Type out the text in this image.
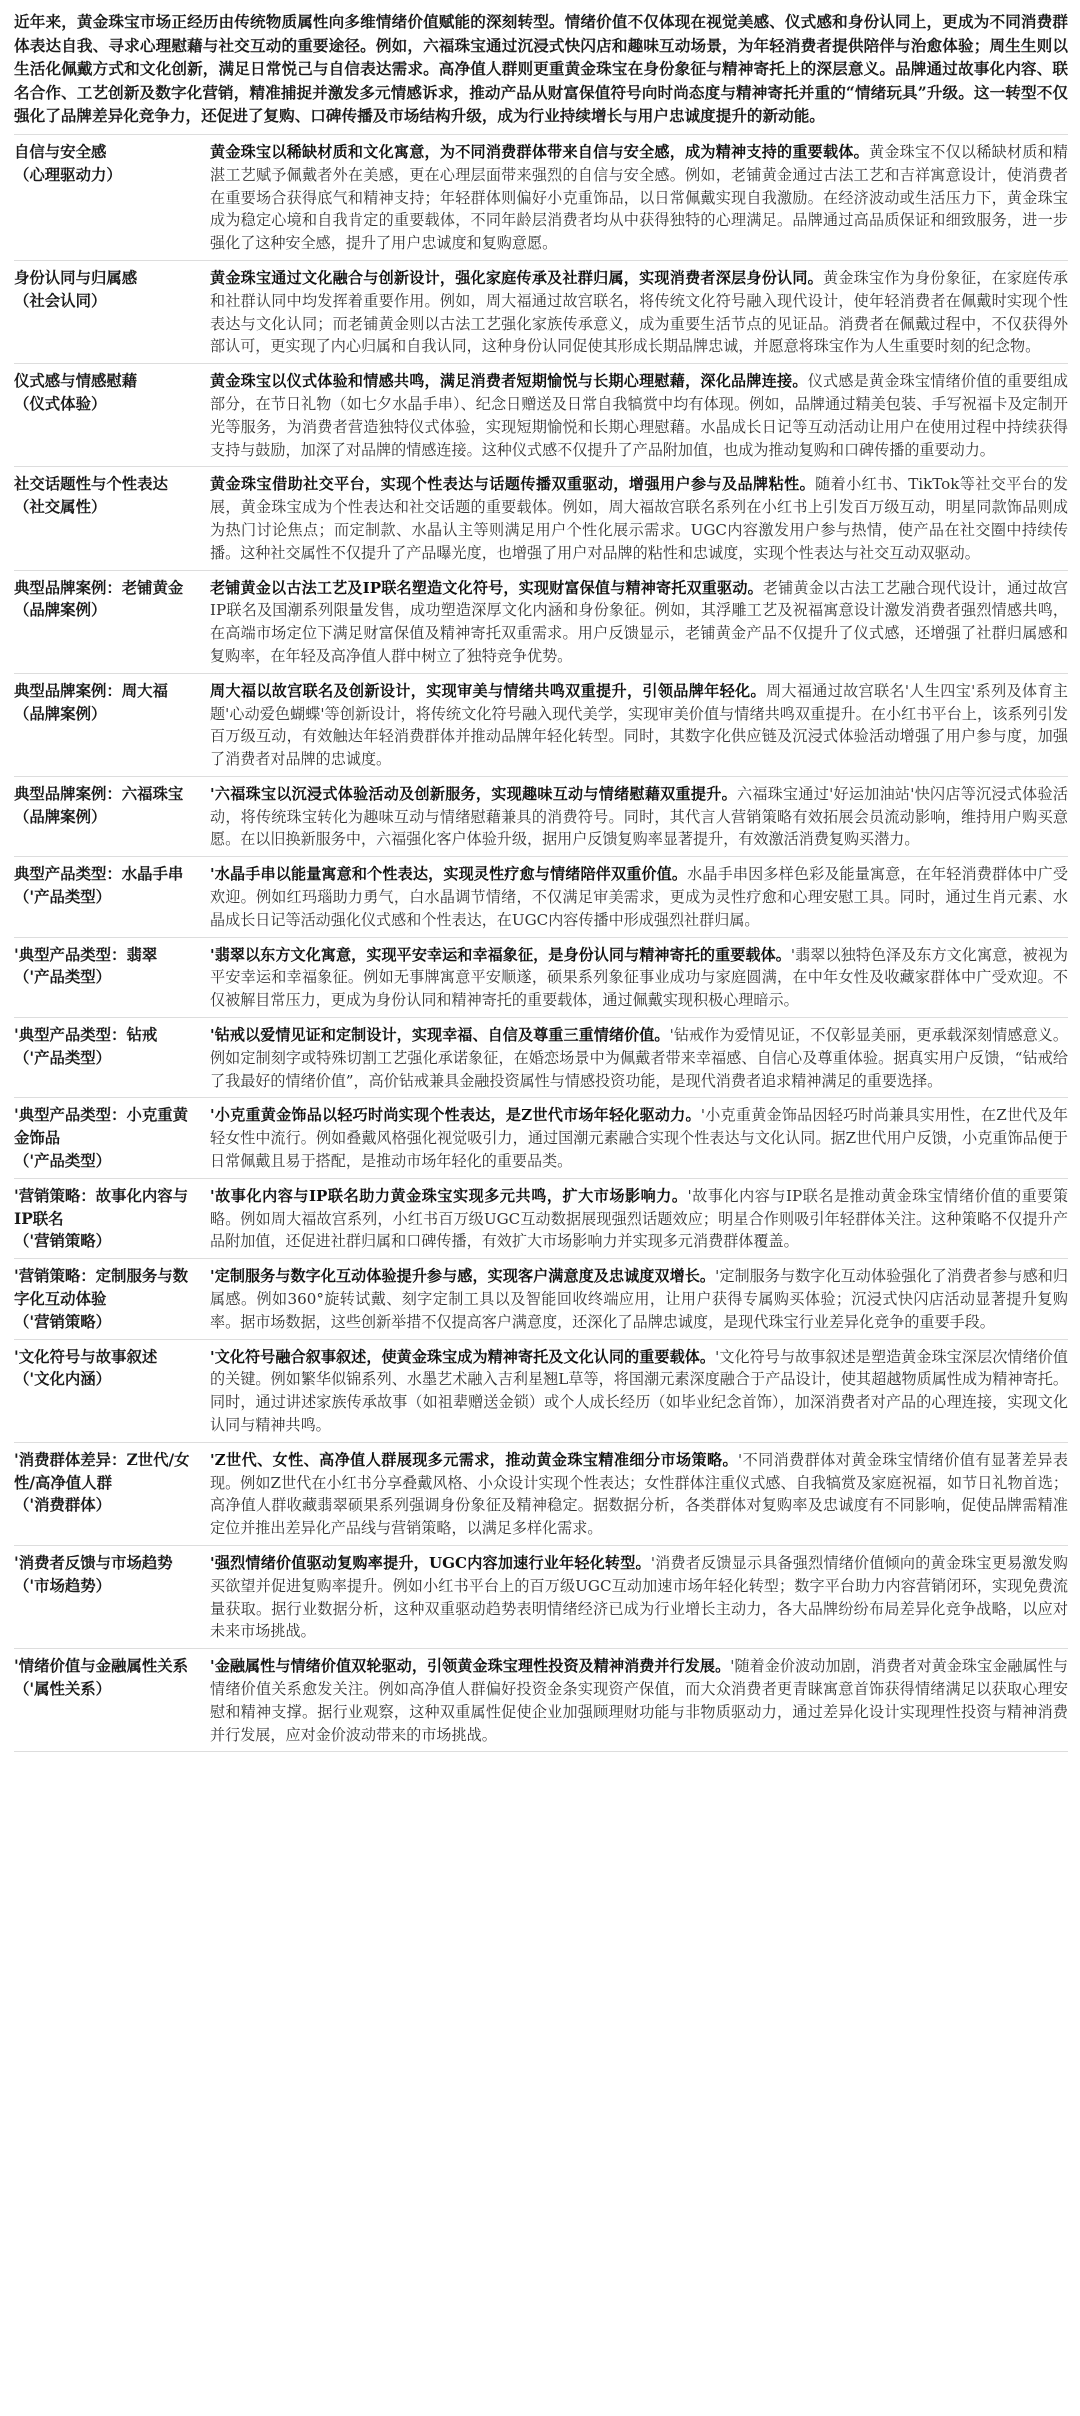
近年来，黄金珠宝市场正经历由传统物质属性向多维情绪价值赋能的深刻转型。情绪价值不仅体现在视觉美感、仪式感和身份认同上，更成为不同消费群体表达自我、寻求心理慰藉与社交互动的重要途径。例如，六福珠宝通过沉浸式快闪店和趣味互动场景，为年轻消费者提供陪伴与治愈体验；周生生则以生活化佩戴方式和文化创新，满足日常悦己与自信表达需求。高净值人群则更重黄金珠宝在身份象征与精神寄托上的深层意义。品牌通过故事化内容、联名合作、工艺创新及数字化营销，精准捕捉并激发多元情感诉求，推动产品从财富保值符号向时尚态度与精神寄托并重的“情绪玩具”升级。这一转型不仅强化了品牌差异化竞争力，还促进了复购、口碑传播及市场结构升级，成为行业持续增长与用户忠诚度提升的新动能。

自信与安全感
（心理驱动力）
黄金珠宝以稀缺材质和文化寓意，为不同消费群体带来自信与安全感，成为精神支持的重要载体。黄金珠宝不仅以稀缺材质和精湛工艺赋予佩戴者外在美感，更在心理层面带来强烈的自信与安全感。例如，老铺黄金通过古法工艺和吉祥寓意设计，使消费者在重要场合获得底气和精神支持；年轻群体则偏好小克重饰品，以日常佩戴实现自我激励。在经济波动或生活压力下，黄金珠宝成为稳定心境和自我肯定的重要载体，不同年龄层消费者均从中获得独特的心理满足。品牌通过高品质保证和细致服务，进一步强化了这种安全感，提升了用户忠诚度和复购意愿。
身份认同与归属感
（社会认同）
黄金珠宝通过文化融合与创新设计，强化家庭传承及社群归属，实现消费者深层身份认同。黄金珠宝作为身份象征，在家庭传承和社群认同中均发挥着重要作用。例如，周大福通过故宫联名，将传统文化符号融入现代设计，使年轻消费者在佩戴时实现个性表达与文化认同；而老铺黄金则以古法工艺强化家族传承意义，成为重要生活节点的见证品。消费者在佩戴过程中，不仅获得外部认可，更实现了内心归属和自我认同，这种身份认同促使其形成长期品牌忠诚，并愿意将珠宝作为人生重要时刻的纪念物。
仪式感与情感慰藉
（仪式体验）
黄金珠宝以仪式体验和情感共鸣，满足消费者短期愉悦与长期心理慰藉，深化品牌连接。仪式感是黄金珠宝情绪价值的重要组成部分，在节日礼物（如七夕水晶手串）、纪念日赠送及日常自我犒赏中均有体现。例如，品牌通过精美包装、手写祝福卡及定制开光等服务，为消费者营造独特仪式体验，实现短期愉悦和长期心理慰藉。水晶成长日记等互动活动让用户在使用过程中持续获得支持与鼓励，加深了对品牌的情感连接。这种仪式感不仅提升了产品附加值，也成为推动复购和口碑传播的重要动力。
社交话题性与个性表达
（社交属性）
黄金珠宝借助社交平台，实现个性表达与话题传播双重驱动，增强用户参与及品牌粘性。随着小红书、TikTok等社交平台的发展，黄金珠宝成为个性表达和社交话题的重要载体。例如，周大福故宫联名系列在小红书上引发百万级互动，明星同款饰品则成为热门讨论焦点；而定制款、水晶认主等则满足用户个性化展示需求。UGC内容激发用户参与热情，使产品在社交圈中持续传播。这种社交属性不仅提升了产品曝光度，也增强了用户对品牌的粘性和忠诚度，实现个性表达与社交互动双驱动。
典型品牌案例：老铺黄金
（品牌案例）
老铺黄金以古法工艺及IP联名塑造文化符号，实现财富保值与精神寄托双重驱动。老铺黄金以古法工艺融合现代设计，通过故宫IP联名及国潮系列限量发售，成功塑造深厚文化内涵和身份象征。例如，其浮雕工艺及祝福寓意设计激发消费者强烈情感共鸣，在高端市场定位下满足财富保值及精神寄托双重需求。用户反馈显示，老铺黄金产品不仅提升了仪式感，还增强了社群归属感和复购率，在年轻及高净值人群中树立了独特竞争优势。
典型品牌案例：周大福
（品牌案例）
周大福以故宫联名及创新设计，实现审美与情绪共鸣双重提升，引领品牌年轻化。周大福通过故宫联名'人生四宝'系列及体育主题'心动爱色蝴蝶'等创新设计，将传统文化符号融入现代美学，实现审美价值与情绪共鸣双重提升。在小红书平台上，该系列引发百万级互动，有效触达年轻消费群体并推动品牌年轻化转型。同时，其数字化供应链及沉浸式体验活动增强了用户参与度，加强了消费者对品牌的忠诚度。
典型品牌案例：六福珠宝
（品牌案例）
'六福珠宝以沉浸式体验活动及创新服务，实现趣味互动与情绪慰藉双重提升。六福珠宝通过'好运加油站'快闪店等沉浸式体验活动，将传统珠宝转化为趣味互动与情绪慰藉兼具的消费符号。同时，其代言人营销策略有效拓展会员流动影响，维持用户购买意愿。在以旧换新服务中，六福强化客户体验升级，据用户反馈复购率显著提升，有效激活消费复购买潜力。
典型产品类型：水晶手串
（'产品类型）
'水晶手串以能量寓意和个性表达，实现灵性疗愈与情绪陪伴双重价值。水晶手串因多样色彩及能量寓意，在年轻消费群体中广受欢迎。例如红玛瑙助力勇气，白水晶调节情绪，不仅满足审美需求，更成为灵性疗愈和心理安慰工具。同时，通过生肖元素、水晶成长日记等活动强化仪式感和个性表达，在UGC内容传播中形成强烈社群归属。
'典型产品类型：翡翠
（'产品类型）
'翡翠以东方文化寓意，实现平安幸运和幸福象征，是身份认同与精神寄托的重要载体。'翡翠以独特色泽及东方文化寓意，被视为平安幸运和幸福象征。例如无事牌寓意平安顺遂，硕果系列象征事业成功与家庭圆满，在中年女性及收藏家群体中广受欢迎。不仅被解目常压力，更成为身份认同和精神寄托的重要载体，通过佩戴实现积极心理暗示。
'典型产品类型：钻戒
（'产品类型）
'钻戒以爱情见证和定制设计，实现幸福、自信及尊重三重情绪价值。'钻戒作为爱情见证，不仅彰显美丽，更承载深刻情感意义。例如定制刻字或特殊切割工艺强化承诺象征，在婚恋场景中为佩戴者带来幸福感、自信心及尊重体验。据真实用户反馈，“钻戒给了我最好的情绪价值”，高价钻戒兼具金融投资属性与情感投资功能，是现代消费者追求精神满足的重要选择。
'典型产品类型：小克重黄金饰品
（'产品类型）
'小克重黄金饰品以轻巧时尚实现个性表达，是Z世代市场年轻化驱动力。'小克重黄金饰品因轻巧时尚兼具实用性，在Z世代及年轻女性中流行。例如叠戴风格强化视觉吸引力，通过国潮元素融合实现个性表达与文化认同。据Z世代用户反馈，小克重饰品便于日常佩戴且易于搭配，是推动市场年轻化的重要品类。
'营销策略：故事化内容与IP联名
（'营销策略）
'故事化内容与IP联名助力黄金珠宝实现多元共鸣，扩大市场影响力。'故事化内容与IP联名是推动黄金珠宝情绪价值的重要策略。例如周大福故宫系列，小红书百万级UGC互动数据展现强烈话题效应；明星合作则吸引年轻群体关注。这种策略不仅提升产品附加值，还促进社群归属和口碑传播，有效扩大市场影响力并实现多元消费群体覆盖。
'营销策略：定制服务与数字化互动体验
（'营销策略）
'定制服务与数字化互动体验提升参与感，实现客户满意度及忠诚度双增长。'定制服务与数字化互动体验强化了消费者参与感和归属感。例如360°旋转试戴、刻字定制工具以及智能回收终端应用，让用户获得专属购买体验；沉浸式快闪店活动显著提升复购率。据市场数据，这些创新举措不仅提高客户满意度，还深化了品牌忠诚度，是现代珠宝行业差异化竞争的重要手段。
'文化符号与故事叙述
（'文化内涵）
'文化符号融合叙事叙述，使黄金珠宝成为精神寄托及文化认同的重要载体。'文化符号与故事叙述是塑造黄金珠宝深层次情绪价值的关键。例如繁华似锦系列、水墨艺术融入吉利星翘L草等，将国潮元素深度融合于产品设计，使其超越物质属性成为精神寄托。同时，通过讲述家族传承故事（如祖辈赠送金锁）或个人成长经历（如毕业纪念首饰），加深消费者对产品的心理连接，实现文化认同与精神共鸣。
'消费群体差异：Z世代/女性/高净值人群
（'消费群体）
'Z世代、女性、高净值人群展现多元需求，推动黄金珠宝精准细分市场策略。'不同消费群体对黄金珠宝情绪价值有显著差异表现。例如Z世代在小红书分享叠戴风格、小众设计实现个性表达；女性群体注重仪式感、自我犒赏及家庭祝福，如节日礼物首选；高净值人群收藏翡翠硕果系列强调身份象征及精神稳定。据数据分析，各类群体对复购率及忠诚度有不同影响，促使品牌需精准定位并推出差异化产品线与营销策略，以满足多样化需求。
'消费者反馈与市场趋势
（'市场趋势）
'强烈情绪价值驱动复购率提升，UGC内容加速行业年轻化转型。'消费者反馈显示具备强烈情绪价值倾向的黄金珠宝更易激发购买欲望并促进复购率提升。例如小红书平台上的百万级UGC互动加速市场年轻化转型；数字平台助力内容营销闭环，实现免费流量获取。据行业数据分析，这种双重驱动趋势表明情绪经济已成为行业增长主动力，各大品牌纷纷布局差异化竞争战略，以应对未来市场挑战。
'情绪价值与金融属性关系
（'属性关系）
'金融属性与情绪价值双轮驱动，引领黄金珠宝理性投资及精神消费并行发展。'随着金价波动加剧，消费者对黄金珠宝金融属性与情绪价值关系愈发关注。例如高净值人群偏好投资金条实现资产保值，而大众消费者更青睐寓意首饰获得情绪满足以获取心理安慰和精神支撑。据行业观察，这种双重属性促使企业加强顾理财功能与非物质驱动力，通过差异化设计实现理性投资与精神消费并行发展，应对金价波动带来的市场挑战。
